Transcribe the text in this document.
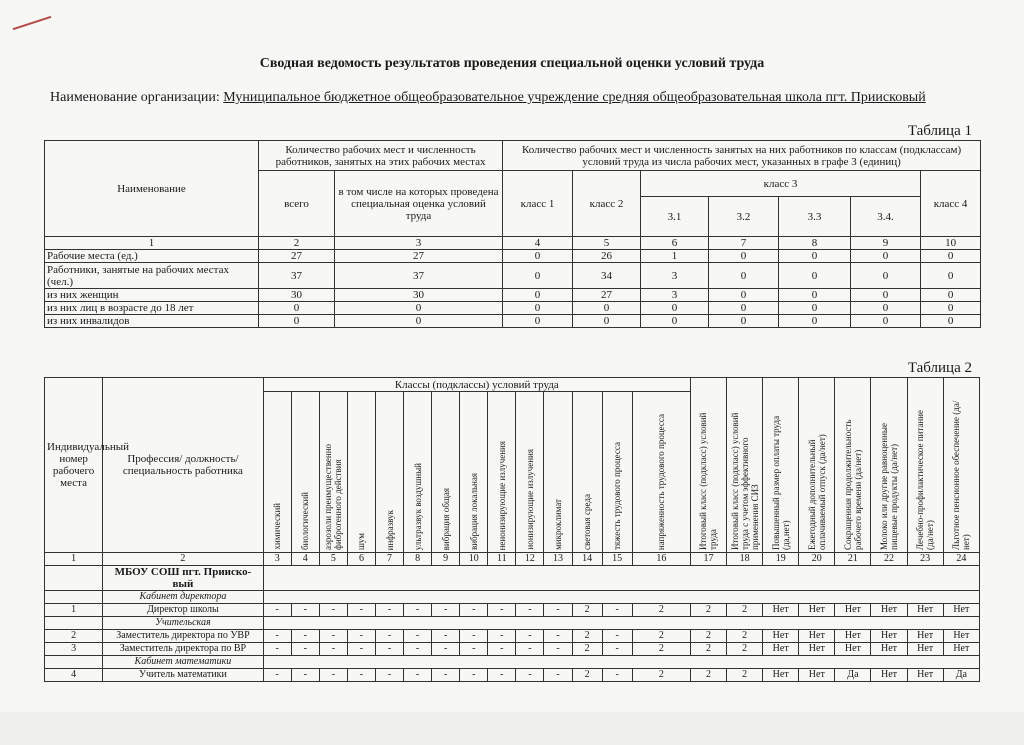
Сводная ведомость результатов проведения специальной оценки условий труда
Наименование организации: Муниципальное бюджетное общеобразовательное учреждение средняя общеобразовательная школа пгт. Приисковый
Таблица 1
Наименование	Количество рабочих мест и численность работников, занятых на этих рабочих местах		Количество рабочих мест и численность занятых на них работников по классам (подклассам) условий труда из числа рабочих мест, указанных в графе 3 (единиц)						
	всего	в том числе на которых проведена специальная оценка условий труда	класс 1	класс 2	класс 3				класс 4
					3.1	3.2	3.3	3.4.	
1	2	3	4	5	6	7	8	9	10
Рабочие места (ед.)	27	27	0	26	1	0	0	0	0
Работники, занятые на рабочих местах (чел.)	37	37	0	34	3	0	0	0	0
из них женщин	30	30	0	27	3	0	0	0	0
из них лиц в возрасте до 18 лет	0	0	0	0	0	0	0	0	0
из них инвалидов	0	0	0	0	0	0	0	0	0
Таблица 2
Индивидуальный номер рабочего места	Профессия/ должность/ специальность работника	Классы (подклассы) условий труда														Итоговый класс (подкласс) условий труда	Итоговый класс (подкласс) условий труда с учетом эффективного применения СИЗ	Повышенный размер оплаты труда (да,нет)	Ежегодный дополнительный оплачиваемый отпуск (да/нет)	Сокращенная продолжительность рабочего времени (да/нет)	Молоко или другие равноценные пищевые продукты (да/нет)	Лечебно-профилактическое питание (да/нет)	Льготное пенсионное обеспечение (да/нет)

		химический	биологический	аэрозоли преимущественно фиброгенного действия	шум	инфразвук	ультразвук воздушный	вибрация общая	вибрация локальная	неионизирующие излучения	ионизирующие излучения	микроклимат	световая среда	тяжесть трудового процесса	напряженность трудового процесса								

1	2	3	4	5	6	7	8	9	10	11	12	13	14	15	16	17	18	19	20	21	22	23	24
	МБОУ СОШ пгт. Прииско-вый																						
	Кабинет директора																						
1	Директор школы	-	-	-	-	-	-	-	-	-	-	-	2	-	2	2	2	Нет	Нет	Нет	Нет	Нет	Нет
	Учительская																						
2	Заместитель директора по УВР	-	-	-	-	-	-	-	-	-	-	-	2	-	2	2	2	Нет	Нет	Нет	Нет	Нет	Нет
3	Заместитель директора по ВР	-	-	-	-	-	-	-	-	-	-	-	2	-	2	2	2	Нет	Нет	Нет	Нет	Нет	Нет
	Кабинет математики																						
4	Учитель математики	-	-	-	-	-	-	-	-	-	-	-	2	-	2	2	2	Нет	Нет	Да	Нет	Нет	Да
